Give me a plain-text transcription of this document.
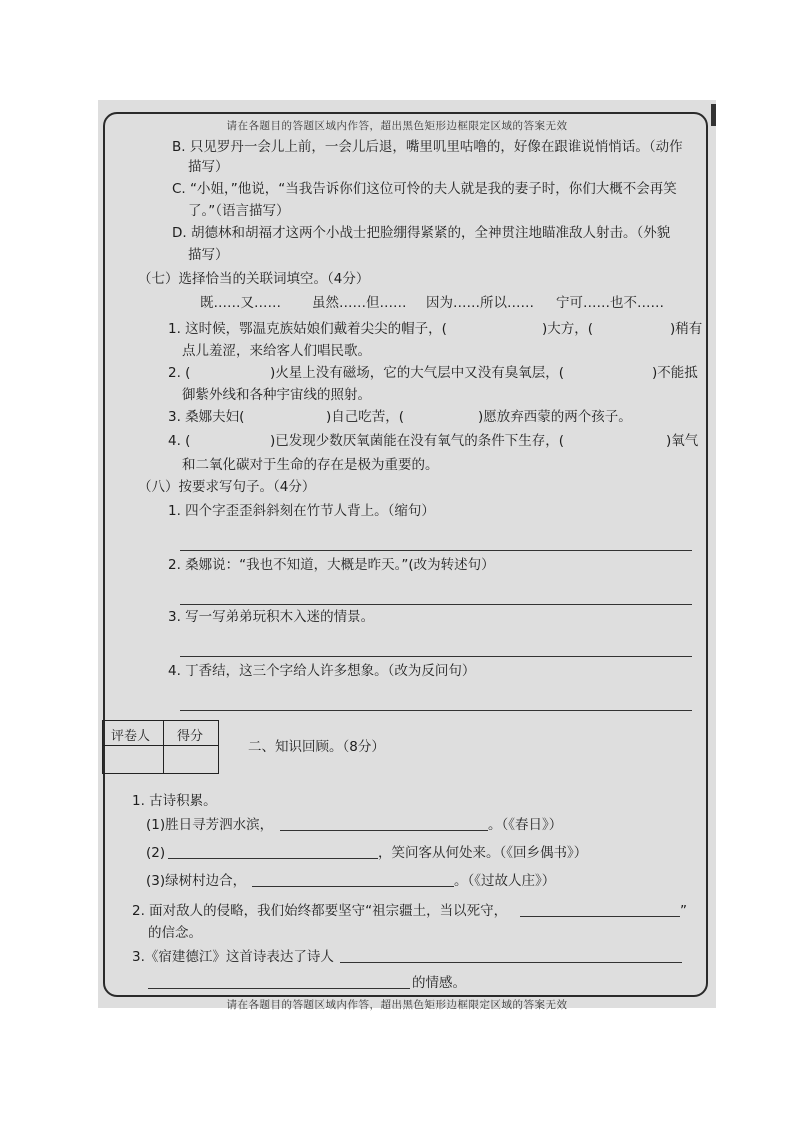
请在各题目的答题区域内作答，超出黑色矩形边框限定区域的答案无效
B. 只见罗丹一会儿上前，一会儿后退，嘴里叽里咕噜的，好像在跟谁说悄悄话。（动作
描写）
C. “小姐，”他说，“当我告诉你们这位可怜的夫人就是我的妻子时，你们大概不会再笑
了。”（语言描写）
D. 胡德林和胡福才这两个小战士把脸绷得紧紧的，全神贯注地瞄准敌人射击。（外貌
描写）
（七）选择恰当的关联词填空。（4分）
既……又…… 虽然……但…… 因为……所以…… 宁可……也不……
1. 这时候，鄂温克族姑娘们戴着尖尖的帽子，(	)大方，(	)稍有
点儿羞涩，来给客人们唱民歌。
2. (	)火星上没有磁场，它的大气层中又没有臭氧层，(	)不能抵
御紫外线和各种宇宙线的照射。
3. 桑娜夫妇(	)自己吃苦，(	)愿放弃西蒙的两个孩子。
4. (	)已发现少数厌氧菌能在没有氧气的条件下生存，(	)氧气
和二氧化碳对于生命的存在是极为重要的。
（八）按要求写句子。（4分）
1. 四个字歪歪斜斜刻在竹节人背上。（缩句）
2. 桑娜说：“我也不知道，大概是昨天。”(改为转述句）
3. 写一写弟弟玩积木入迷的情景。
4. 丁香结，这三个字给人许多想象。（改为反问句）
评卷人 得分
二、知识回顾。（8分）
1. 古诗积累。
(1)胜日寻芳泗水滨，	。（《春日》）
(2)	，笑问客从何处来。（《回乡偶书》）
(3)绿树村边合，	。（《过故人庄》）
2. 面对敌人的侵略，我们始终都要坚守“祖宗疆土，当以死守，	”
的信念。
3.《宿建德江》这首诗表达了诗人
的情感。
请在各题目的答题区域内作答，超出黑色矩形边框限定区域的答案无效
